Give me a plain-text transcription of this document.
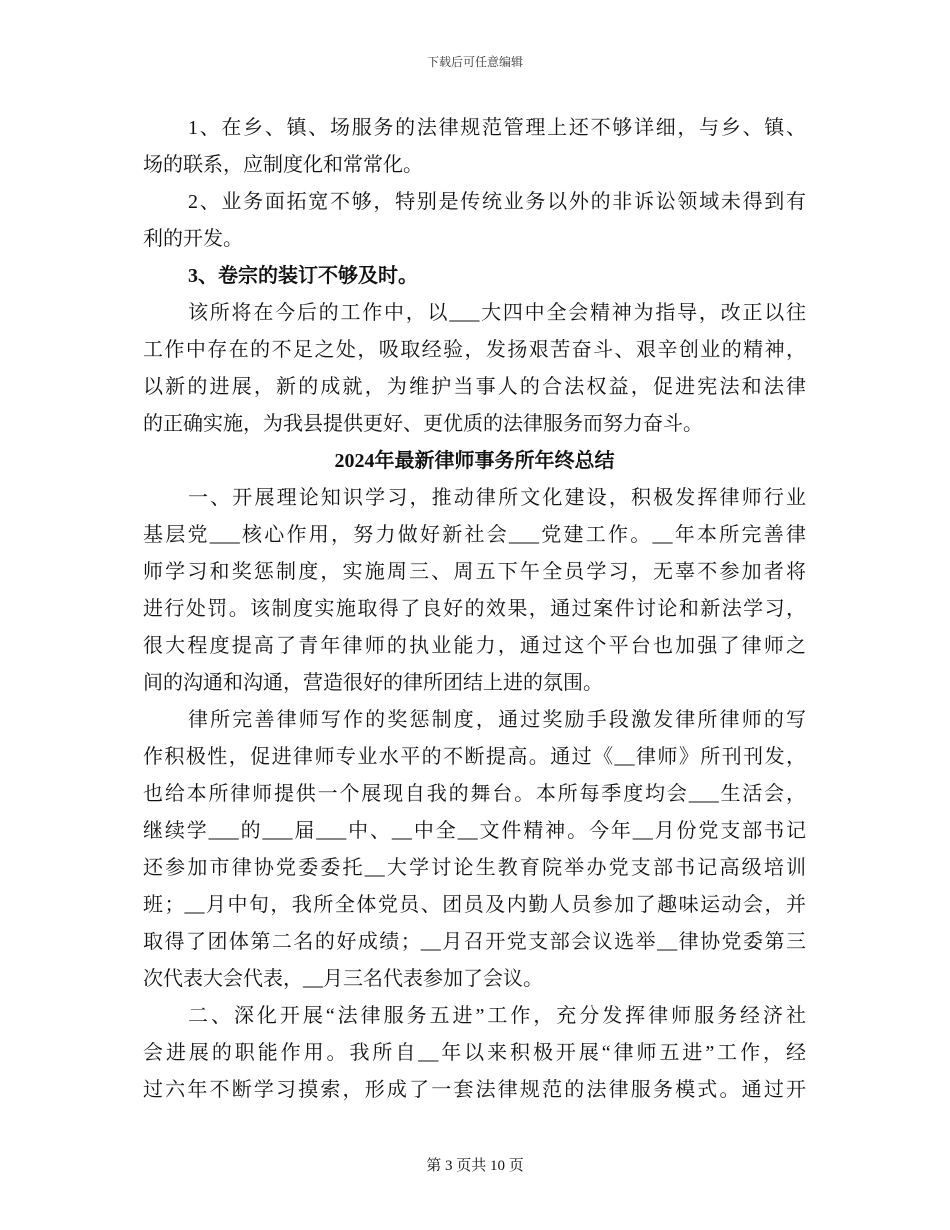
下载后可任意编辑
1、在乡、镇、场服务的法律规范管理上还不够详细，与乡、镇、
场的联系，应制度化和常常化。
2、业务面拓宽不够，特别是传统业务以外的非诉讼领域未得到有
利的开发。
3、卷宗的装订不够及时。
该所将在今后的工作中，以___大四中全会精神为指导，改正以往
工作中存在的不足之处，吸取经验，发扬艰苦奋斗、艰辛创业的精神，
以新的进展，新的成就，为维护当事人的合法权益，促进宪法和法律
的正确实施，为我县提供更好、更优质的法律服务而努力奋斗。
2024年最新律师事务所年终总结
一、开展理论知识学习，推动律所文化建设，积极发挥律师行业
基层党___核心作用，努力做好新社会___党建工作。__年本所完善律
师学习和奖惩制度，实施周三、周五下午全员学习，无辜不参加者将
进行处罚。该制度实施取得了良好的效果，通过案件讨论和新法学习，
很大程度提高了青年律师的执业能力，通过这个平台也加强了律师之
间的沟通和沟通，营造很好的律所团结上进的氛围。
律所完善律师写作的奖惩制度，通过奖励手段激发律所律师的写
作积极性，促进律师专业水平的不断提高。通过《__律师》所刊刊发，
也给本所律师提供一个展现自我的舞台。本所每季度均会___生活会，
继续学___的___届___中、__中全__文件精神。今年__月份党支部书记
还参加市律协党委委托__大学讨论生教育院举办党支部书记高级培训
班；__月中旬，我所全体党员、团员及内勤人员参加了趣味运动会，并
取得了团体第二名的好成绩；__月召开党支部会议选举__律协党委第三
次代表大会代表，__月三名代表参加了会议。
二、深化开展“法律服务五进”工作，充分发挥律师服务经济社
会进展的职能作用。我所自__年以来积极开展“律师五进”工作，经
过六年不断学习摸索，形成了一套法律规范的法律服务模式。通过开
第 3 页共 10 页
